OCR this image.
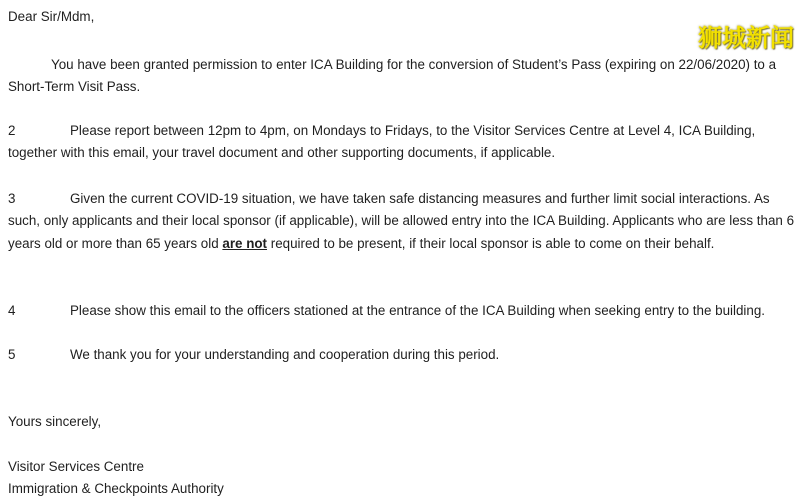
狮城新闻
Dear Sir/Mdm,
You have been granted permission to enter ICA Building for the conversion of Student’s Pass (expiring on 22/06/2020) to a Short-Term Visit Pass.
2	Please report between 12pm to 4pm, on Mondays to Fridays, to the Visitor Services Centre at Level 4, ICA Building, together with this email, your travel document and other supporting documents, if applicable.
3	Given the current COVID-19 situation, we have taken safe distancing measures and further limit social interactions. As such, only applicants and their local sponsor (if applicable), will be allowed entry into the ICA Building. Applicants who are less than 6 years old or more than 65 years old are not required to be present, if their local sponsor is able to come on their behalf.
4	Please show this email to the officers stationed at the entrance of the ICA Building when seeking entry to the building.
5	We thank you for your understanding and cooperation during this period.
Yours sincerely,
Visitor Services Centre
Immigration & Checkpoints Authority
